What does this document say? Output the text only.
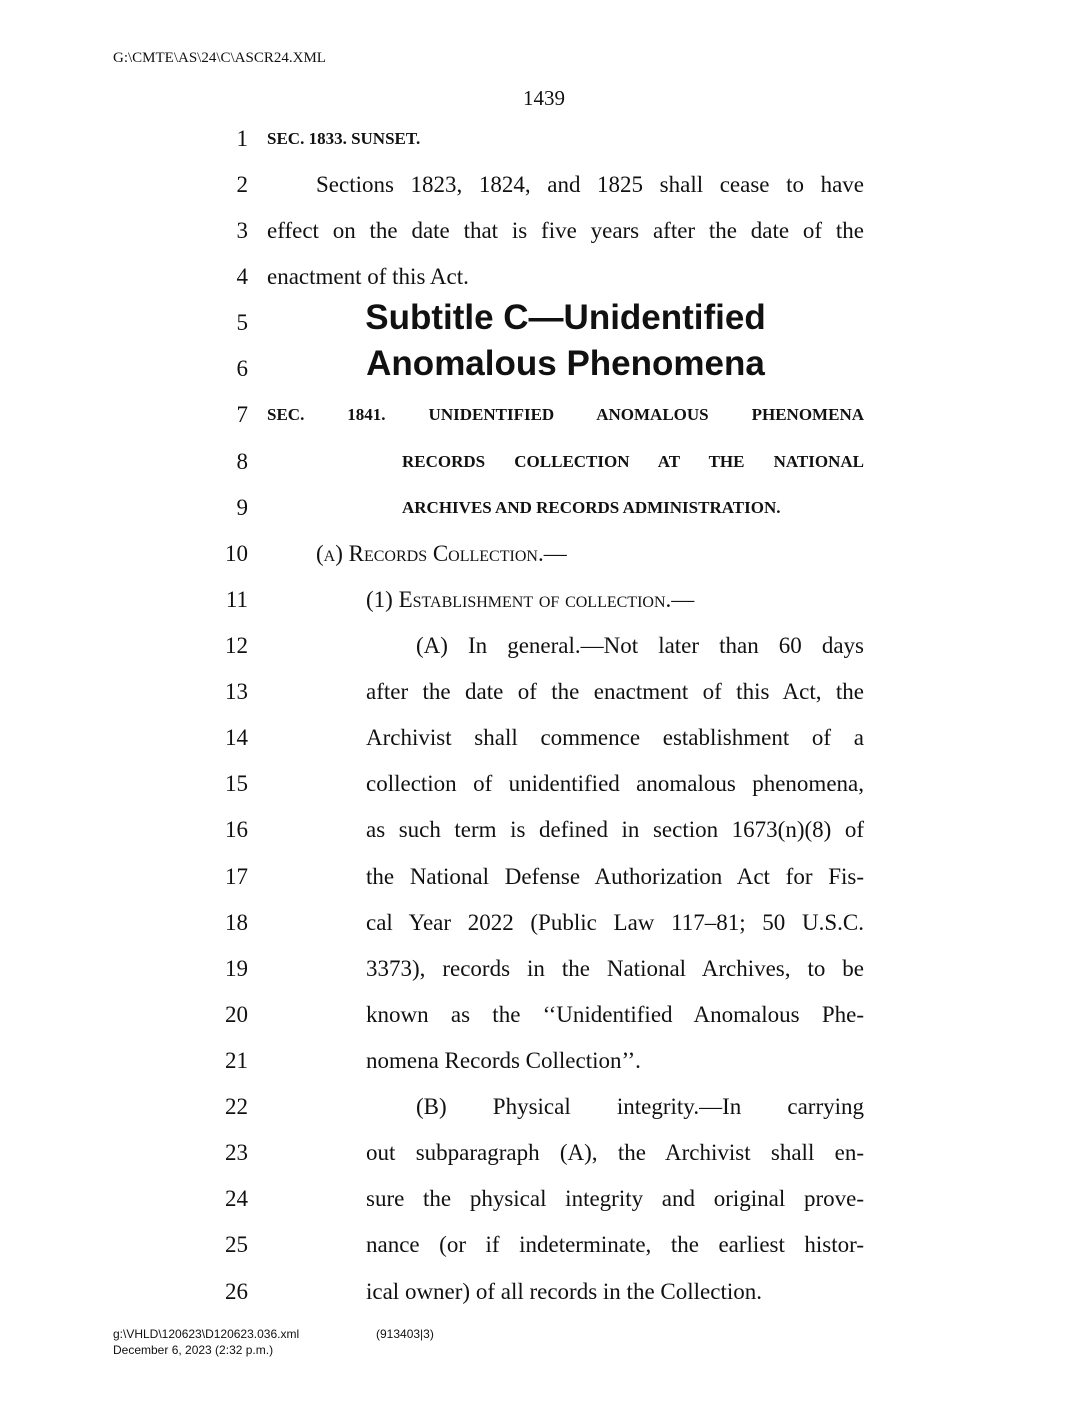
G:\CMTE\AS\24\C\ASCR24.XML
1439
1
2
3
4
5
6
7
8
9
10
11
12
13
14
15
16
17
18
19
20
21
22
23
24
25
26
SEC. 1833. SUNSET.
Sections 1823, 1824, and 1825 shall cease to have
effect on the date that is five years after the date of the
enactment of this Act.
Subtitle C—Unidentified
Anomalous Phenomena
SEC. 1841. UNIDENTIFIED ANOMALOUS PHENOMENA
RECORDS COLLECTION AT THE NATIONAL
ARCHIVES AND RECORDS ADMINISTRATION.
(a) Records Collection.—
(1) Establishment of collection.—
(A) In general.—Not later than 60 days
after the date of the enactment of this Act, the
Archivist shall commence establishment of a
collection of unidentified anomalous phenomena,
as such term is defined in section 1673(n)(8) of
the National Defense Authorization Act for Fis-
cal Year 2022 (Public Law 117–81; 50 U.S.C.
3373), records in the National Archives, to be
known as the ‘‘Unidentified Anomalous Phe-
nomena Records Collection’’.
(B) Physical integrity.—In carrying
out subparagraph (A), the Archivist shall en-
sure the physical integrity and original prove-
nance (or if indeterminate, the earliest histor-
ical owner) of all records in the Collection.
g:\VHLD\120623\D120623.036.xml	(913403|3)
December 6, 2023 (2:32 p.m.)
